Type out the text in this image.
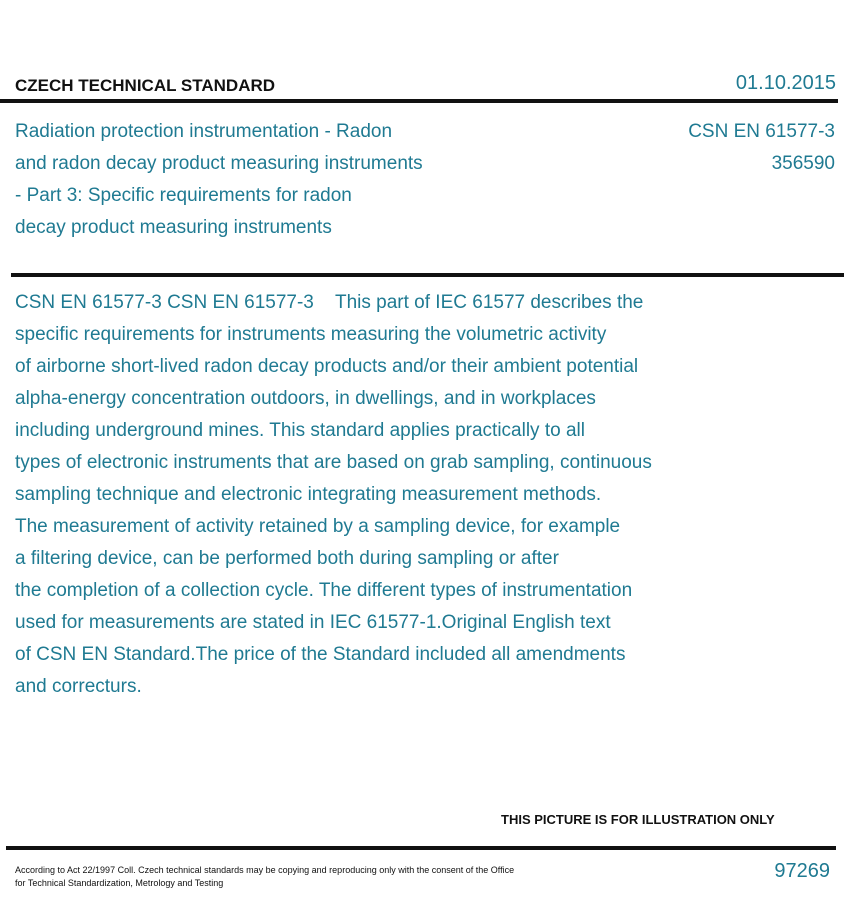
CZECH TECHNICAL STANDARD	01.10.2015
Radiation protection instrumentation - Radon
and radon decay product measuring instruments
- Part 3: Specific requirements for radon
decay product measuring instruments
CSN EN 61577-3
356590
CSN EN 61577-3 CSN EN 61577-3    This part of IEC 61577 describes the
specific requirements for instruments measuring the volumetric activity
of airborne short-lived radon decay products and/or their ambient potential
alpha-energy concentration outdoors, in dwellings, and in workplaces
including underground mines. This standard applies practically to all
types of electronic instruments that are based on grab sampling, continuous
sampling technique and electronic integrating measurement methods.
The measurement of activity retained by a sampling device, for example
a filtering device, can be performed both during sampling or after
the completion of a collection cycle. The different types of instrumentation
used for measurements are stated in IEC 61577-1.Original English text
of CSN EN Standard.The price of the Standard included all amendments
and correcturs.
THIS PICTURE IS FOR ILLUSTRATION ONLY
According to Act 22/1997 Coll. Czech technical standards may be copying and reproducing only with the consent of the Office
for Technical Standardization, Metrology and Testing
97269
